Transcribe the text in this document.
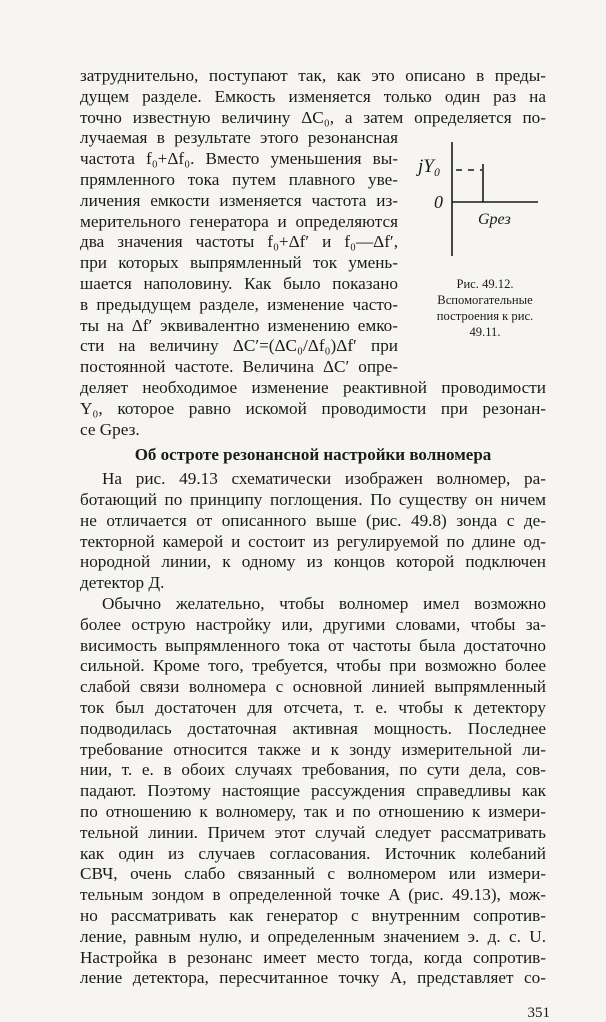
jY₀
0
Gрез
Рис. 49.12. Вспомогательные построения к рис. 49.11.
Об остроте резонансной настройки волномера
351
затруднительно, поступают так, как это описано в преды-
дущем разделе. Емкость изменяется только один раз на
точно известную величину ΔC₀, а затем определяется по-
лучаемая в результате этого резонансная
частота f₀+Δf₀. Вместо уменьшения вы-
прямленного тока путем плавного уве-
личения емкости изменяется частота из-
мерительного генератора и определяются
два значения частоты f₀+Δf′ и f₀—Δf′,
при которых выпрямленный ток умень-
шается наполовину. Как было показано
в предыдущем разделе, изменение часто-
ты на Δf′ эквивалентно изменению емко-
сти на величину ΔC′=(ΔC₀/Δf₀)Δf′ при
постоянной частоте. Величина ΔC′ опре-
деляет необходимое изменение реактивной проводимости
Y₀, которое равно искомой проводимости при резонан-
се Gрез.
На рис. 49.13 схематически изображен волномер, ра-
ботающий по принципу поглощения. По существу он ничем
не отличается от описанного выше (рис. 49.8) зонда с де-
текторной камерой и состоит из регулируемой по длине од-
нородной линии, к одному из концов которой подключен
детектор Д.
Обычно желательно, чтобы волномер имел возможно
более острую настройку или, другими словами, чтобы за-
висимость выпрямленного тока от частоты была достаточно
сильной. Кроме того, требуется, чтобы при возможно более
слабой связи волномера с основной линией выпрямленный
ток был достаточен для отсчета, т. е. чтобы к детектору
подводилась достаточная активная мощность. Последнее
требование относится также и к зонду измерительной ли-
нии, т. е. в обоих случаях требования, по сути дела, сов-
падают. Поэтому настоящие рассуждения справедливы как
по отношению к волномеру, так и по отношению к измери-
тельной линии. Причем этот случай следует рассматривать
как один из случаев согласования. Источник колебаний
СВЧ, очень слабо связанный с волномером или измери-
тельным зондом в определенной точке A (рис. 49.13), мож-
но рассматривать как генератор с внутренним сопротив-
ление, равным нулю, и определенным значением э. д. с. U.
Настройка в резонанс имеет место тогда, когда сопротив-
ление детектора, пересчитанное точку A, представляет со-
